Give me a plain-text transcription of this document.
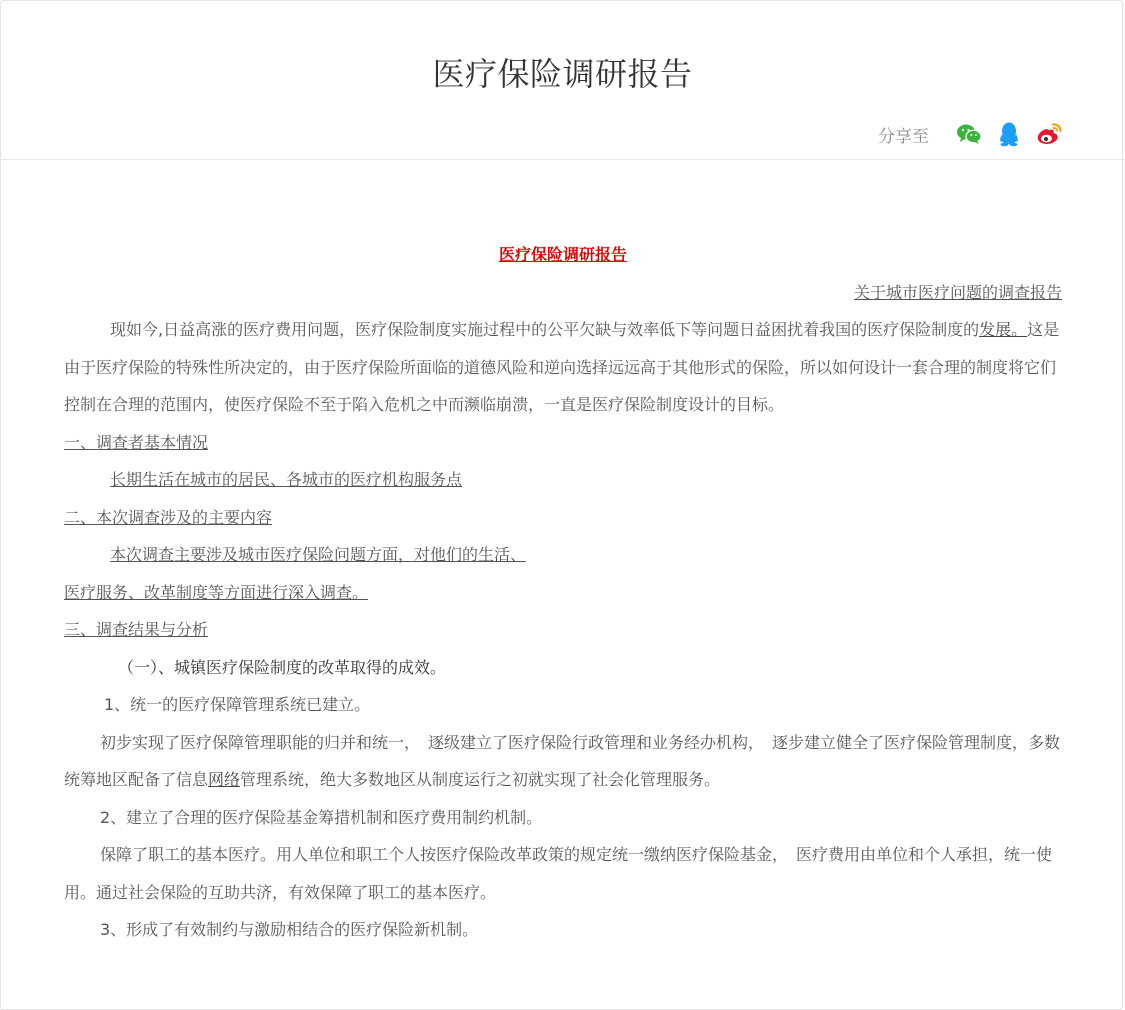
医疗保险调研报告
分享至

医疗保险调研报告

关于城市医疗问题的调查报告

现如今,日益高涨的医疗费用问题，医疗保险制度实施过程中的公平欠缺与效率低下等问题日益困扰着我国的医疗保险制度的发展。这是由于医疗保险的特殊性所决定的，由于医疗保险所面临的道德风险和逆向选择远远高于其他形式的保险，所以如何设计一套合理的制度将它们控制在合理的范围内，使医疗保险不至于陷入危机之中而濒临崩溃，一直是医疗保险制度设计的目标。

一、调查者基本情况

长期生活在城市的居民、各城市的医疗机构服务点

二、本次调查涉及的主要内容

本次调查主要涉及城市医疗保险问题方面，对他们的生活、

医疗服务、改革制度等方面进行深入调查。

三、调查结果与分析

（一）、城镇医疗保险制度的改革取得的成效。

1、统一的医疗保障管理系统已建立。

初步实现了医疗保障管理职能的归并和统一，　逐级建立了医疗保险行政管理和业务经办机构，　逐步建立健全了医疗保险管理制度，多数统筹地区配备了信息网络管理系统，绝大多数地区从制度运行之初就实现了社会化管理服务。

2、建立了合理的医疗保险基金筹措机制和医疗费用制约机制。

保障了职工的基本医疗。用人单位和职工个人按医疗保险改革政策的规定统一缴纳医疗保险基金，　医疗费用由单位和个人承担，统一使用。通过社会保险的互助共济，有效保障了职工的基本医疗。

3、形成了有效制约与激励相结合的医疗保险新机制。
